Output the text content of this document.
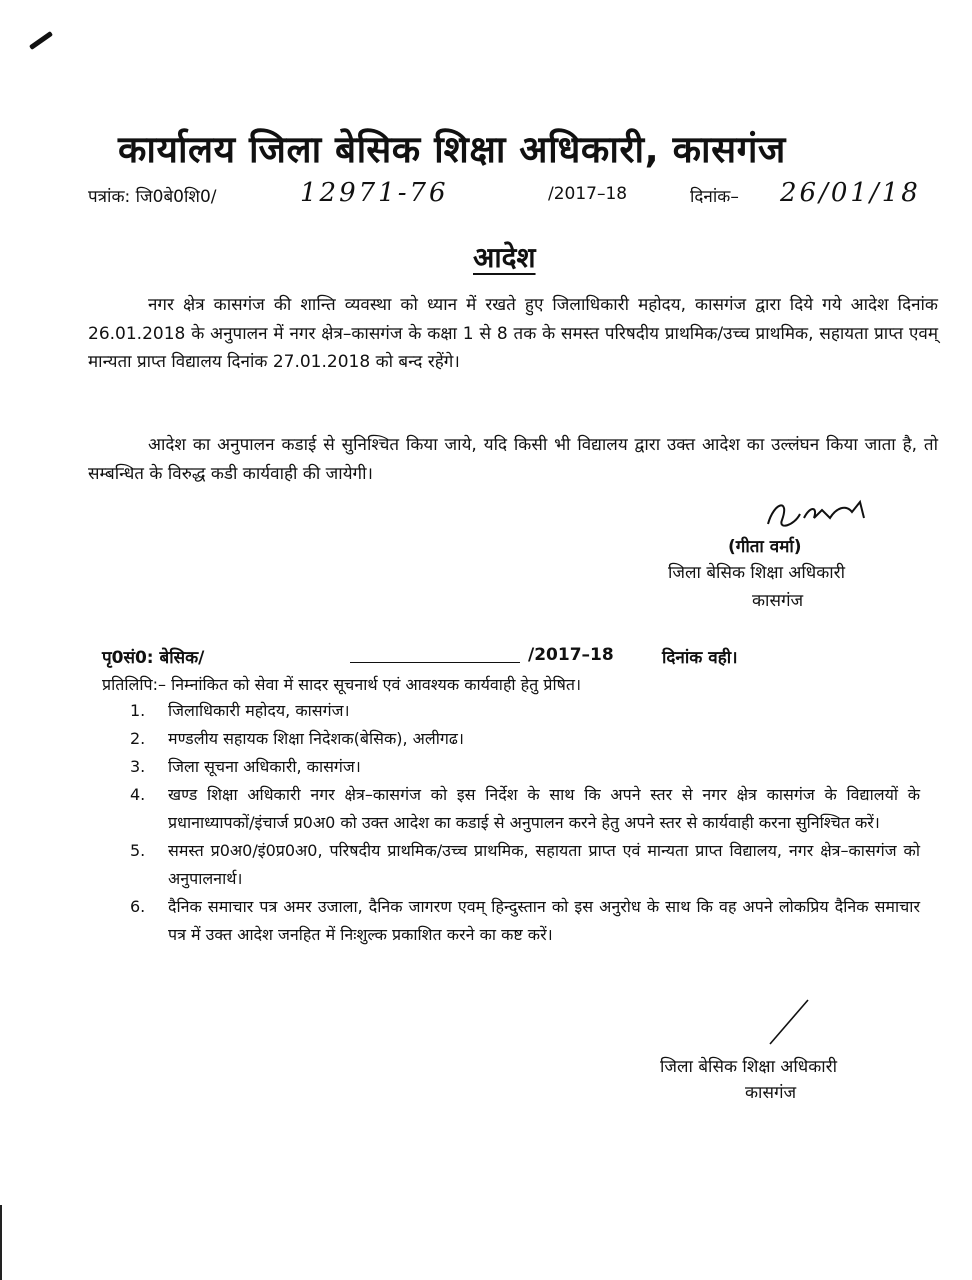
कार्यालय जिला बेसिक शिक्षा अधिकारी, कासगंज
पत्रांक: जि0बे0शि0/	12971-76	/2017–18	दिनांक– 26/01/18
आदेश
नगर क्षेत्र कासगंज की शान्ति व्यवस्था को ध्यान में रखते हुए जिलाधिकारी महोदय, कासगंज द्वारा दिये गये आदेश दिनांक 26.01.2018 के अनुपालन में नगर क्षेत्र–कासगंज के कक्षा 1 से 8 तक के समस्त परिषदीय प्राथमिक/उच्च प्राथमिक, सहायता प्राप्त एवम् मान्यता प्राप्त विद्यालय दिनांक 27.01.2018 को बन्द रहेंगे।
आदेश का अनुपालन कडाई से सुनिश्चित किया जाये, यदि किसी भी विद्यालय द्वारा उक्त आदेश का उल्लंघन किया जाता है, तो सम्बन्धित के विरुद्ध कडी कार्यवाही की जायेगी।
(गीता वर्मा)
जिला बेसिक शिक्षा अधिकारी
कासगंज
पृ0सं0: बेसिक/	/2017–18	दिनांक वही।
प्रतिलिपि:– निम्नांकित को सेवा में सादर सूचनार्थ एवं आवश्यक कार्यवाही हेतु प्रेषित।
1.	जिलाधिकारी महोदय, कासगंज।
2.	मण्डलीय सहायक शिक्षा निदेशक(बेसिक), अलीगढ।
3.	जिला सूचना अधिकारी, कासगंज।
4.	खण्ड शिक्षा अधिकारी नगर क्षेत्र–कासगंज को इस निर्देश के साथ कि अपने स्तर से नगर क्षेत्र कासगंज के विद्यालयों के प्रधानाध्यापकों/इंचार्ज प्र0अ0 को उक्त आदेश का कडाई से अनुपालन करने हेतु अपने स्तर से कार्यवाही करना सुनिश्चित करें।
5.	समस्त प्र0अ0/इं0प्र0अ0, परिषदीय प्राथमिक/उच्च प्राथमिक, सहायता प्राप्त एवं मान्यता प्राप्त विद्यालय, नगर क्षेत्र–कासगंज को अनुपालनार्थ।
6.	दैनिक समाचार पत्र अमर उजाला, दैनिक जागरण एवम् हिन्दुस्तान को इस अनुरोध के साथ कि वह अपने लोकप्रिय दैनिक समाचार पत्र में उक्त आदेश जनहित में निःशुल्क प्रकाशित करने का कष्ट करें।
जिला बेसिक शिक्षा अधिकारी
कासगंज
